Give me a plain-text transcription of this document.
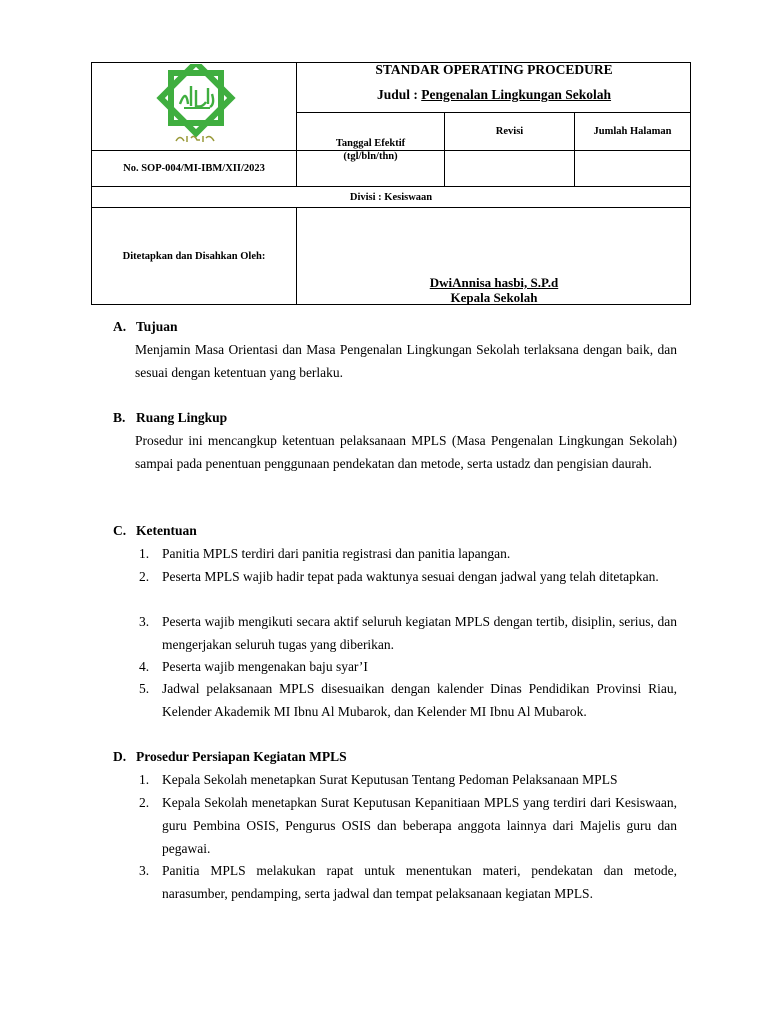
STANDAR OPERATING PROCEDURE
Judul : Pengenalan Lingkungan Sekolah
Tanggal Efektif (tgl/bln/thn)
Revisi	Jumlah Halaman
No. SOP-004/MI-IBM/XII/2023
Divisi : Kesiswaan
Ditetapkan dan Disahkan Oleh:
DwiAnnisa hasbi, S.P.d
Kepala Sekolah
A. Tujuan
Menjamin Masa Orientasi dan Masa Pengenalan Lingkungan Sekolah terlaksana dengan baik, dan sesuai dengan ketentuan yang berlaku.
B. Ruang Lingkup
Prosedur ini mencangkup ketentuan pelaksanaan MPLS (Masa Pengenalan Lingkungan Sekolah) sampai pada penentuan penggunaan pendekatan dan metode, serta ustadz dan pengisian daurah.
C. Ketentuan
1. Panitia MPLS terdiri dari panitia registrasi dan panitia lapangan.
2. Peserta MPLS wajib hadir tepat pada waktunya sesuai dengan jadwal yang telah ditetapkan.
3. Peserta wajib mengikuti secara aktif seluruh kegiatan MPLS dengan tertib, disiplin, serius, dan mengerjakan seluruh tugas yang diberikan.
4. Peserta wajib mengenakan baju syar’I
5. Jadwal pelaksanaan MPLS disesuaikan dengan kalender Dinas Pendidikan Provinsi Riau, Kelender Akademik MI Ibnu Al Mubarok, dan Kelender MI Ibnu Al Mubarok.
D. Prosedur Persiapan Kegiatan MPLS
1. Kepala Sekolah menetapkan Surat Keputusan Tentang Pedoman Pelaksanaan MPLS
2. Kepala Sekolah menetapkan Surat Keputusan Kepanitiaan MPLS yang terdiri dari Kesiswaan, guru Pembina OSIS, Pengurus OSIS dan beberapa anggota lainnya dari Majelis guru dan pegawai.
3. Panitia MPLS melakukan rapat untuk menentukan materi, pendekatan dan metode, narasumber, pendamping, serta jadwal dan tempat pelaksanaan kegiatan MPLS.
